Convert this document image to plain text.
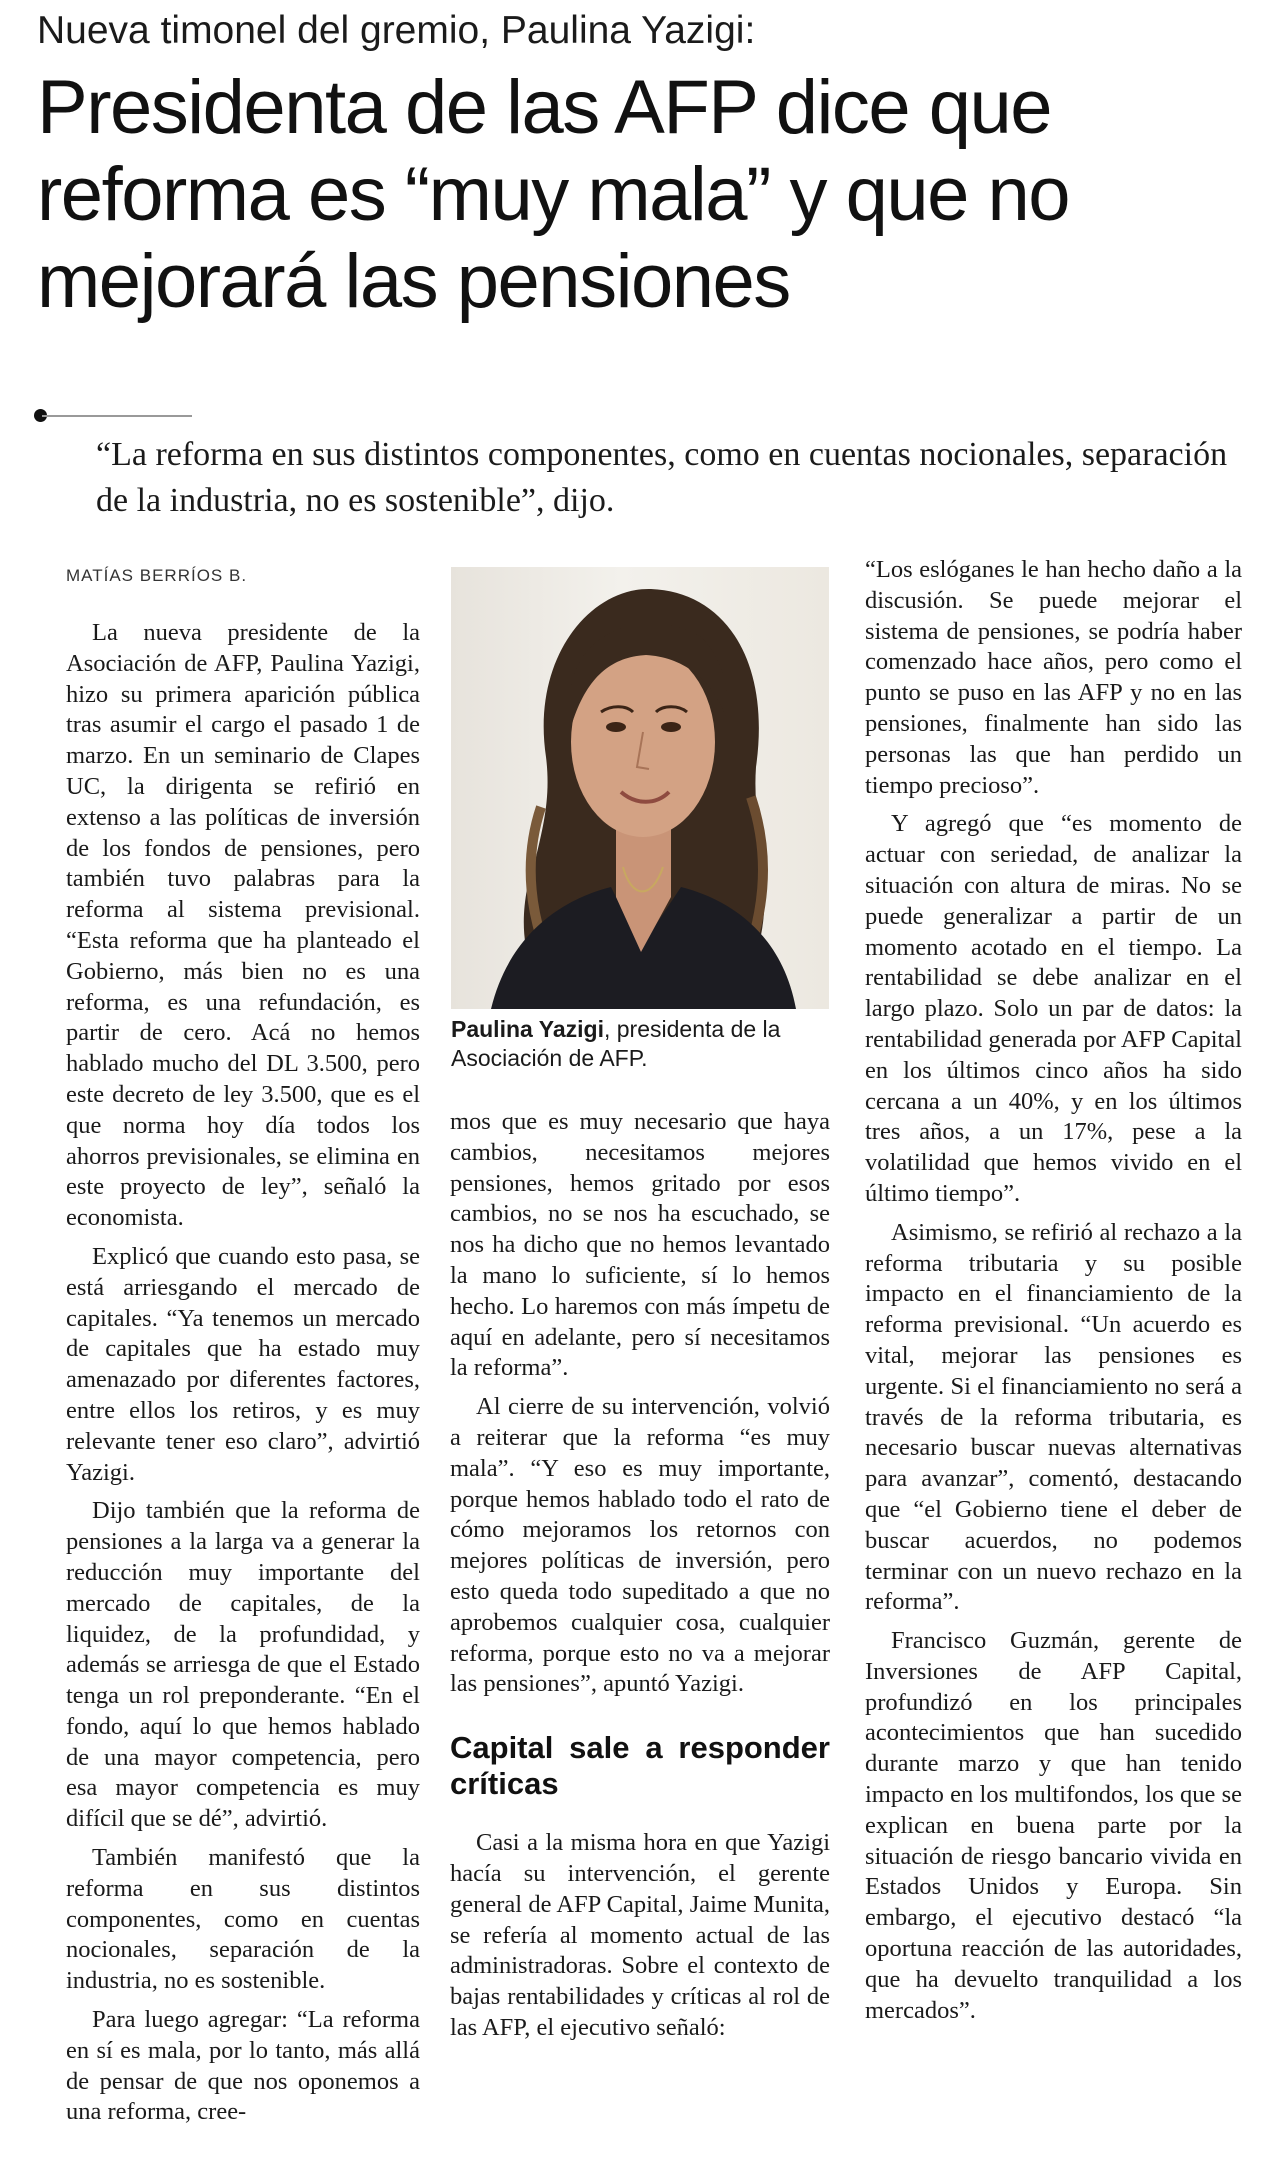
Nueva timonel del gremio, Paulina Yazigi:
Presidenta de las AFP dice que reforma es “muy mala” y que no mejorará las pensiones
“La reforma en sus distintos componentes, como en cuentas nocionales, separación de la industria, no es sostenible”, dijo.
MATÍAS BERRÍOS B.

La nueva presidente de la Asociación de AFP, Paulina Yazigi, hizo su primera aparición pública tras asumir el cargo el pasado 1 de marzo. En un seminario de Clapes UC, la dirigenta se refirió en extenso a las políticas de inversión de los fondos de pensiones, pero también tuvo palabras para la reforma al sistema previsional. “Esta reforma que ha planteado el Gobierno, más bien no es una reforma, es una refundación, es partir de cero. Acá no hemos hablado mucho del DL 3.500, pero este decreto de ley 3.500, que es el que norma hoy día todos los ahorros previsionales, se elimina en este proyecto de ley”, señaló la economista.

Explicó que cuando esto pasa, se está arriesgando el mercado de capitales. “Ya tenemos un mercado de capitales que ha estado muy amenazado por diferentes factores, entre ellos los retiros, y es muy relevante tener eso claro”, advirtió Yazigi.

Dijo también que la reforma de pensiones a la larga va a generar la reducción muy importante del mercado de capitales, de la liquidez, de la profundidad, y además se arriesga de que el Estado tenga un rol preponderante. “En el fondo, aquí lo que hemos hablado de una mayor competencia, pero esa mayor competencia es muy difícil que se dé”, advirtió.

También manifestó que la reforma en sus distintos componentes, como en cuentas nocionales, separación de la industria, no es sostenible.

Para luego agregar: “La reforma en sí es mala, por lo tanto, más allá de pensar de que nos oponemos a una reforma, cree-

Paulina Yazigi, presidenta de la Asociación de AFP.

mos que es muy necesario que haya cambios, necesitamos mejores pensiones, hemos gritado por esos cambios, no se nos ha escuchado, se nos ha dicho que no hemos levantado la mano lo suficiente, sí lo hemos hecho. Lo haremos con más ímpetu de aquí en adelante, pero sí necesitamos la reforma”.

Al cierre de su intervención, volvió a reiterar que la reforma “es muy mala”. “Y eso es muy importante, porque hemos hablado todo el rato de cómo mejoramos los retornos con mejores políticas de inversión, pero esto queda todo supeditado a que no aprobemos cualquier cosa, cualquier reforma, porque esto no va a mejorar las pensiones”, apuntó Yazigi.

Capital sale a responder críticas

Casi a la misma hora en que Yazigi hacía su intervención, el gerente general de AFP Capital, Jaime Munita, se refería al momento actual de las administradoras. Sobre el contexto de bajas rentabilidades y críticas al rol de las AFP, el ejecutivo señaló:

“Los eslóganes le han hecho daño a la discusión. Se puede mejorar el sistema de pensiones, se podría haber comenzado hace años, pero como el punto se puso en las AFP y no en las pensiones, finalmente han sido las personas las que han perdido un tiempo precioso”.

Y agregó que “es momento de actuar con seriedad, de analizar la situación con altura de miras. No se puede generalizar a partir de un momento acotado en el tiempo. La rentabilidad se debe analizar en el largo plazo. Solo un par de datos: la rentabilidad generada por AFP Capital en los últimos cinco años ha sido cercana a un 40%, y en los últimos tres años, a un 17%, pese a la volatilidad que hemos vivido en el último tiempo”.

Asimismo, se refirió al rechazo a la reforma tributaria y su posible impacto en el financiamiento de la reforma previsional. “Un acuerdo es vital, mejorar las pensiones es urgente. Si el financiamiento no será a través de la reforma tributaria, es necesario buscar nuevas alternativas para avanzar”, comentó, destacando que “el Gobierno tiene el deber de buscar acuerdos, no podemos terminar con un nuevo rechazo en la reforma”.

Francisco Guzmán, gerente de Inversiones de AFP Capital, profundizó en los principales acontecimientos que han sucedido durante marzo y que han tenido impacto en los multifondos, los que se explican en buena parte por la situación de riesgo bancario vivida en Estados Unidos y Europa. Sin embargo, el ejecutivo destacó “la oportuna reacción de las autoridades, que ha devuelto tranquilidad a los mercados”.
